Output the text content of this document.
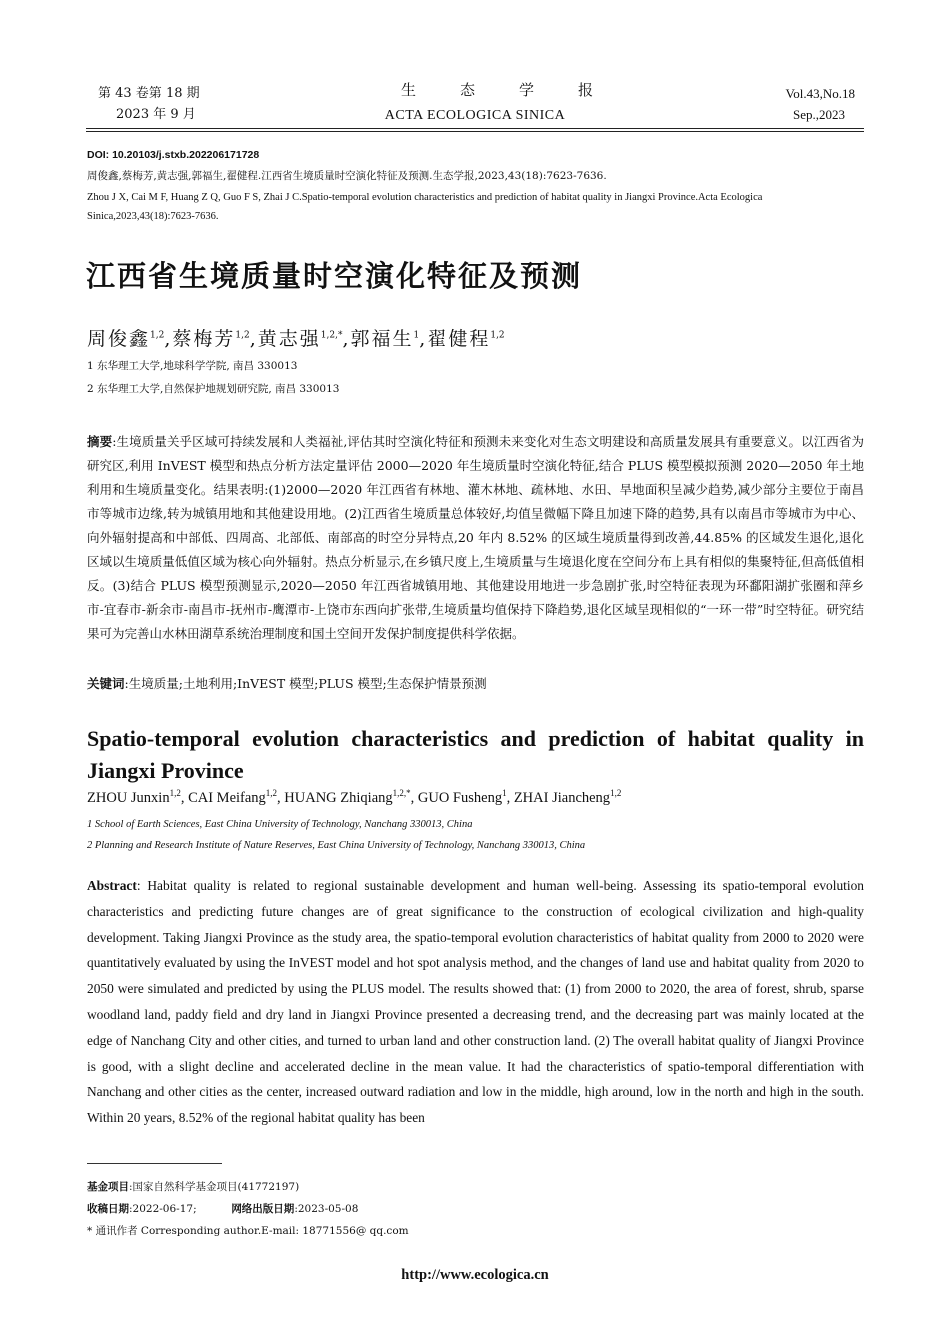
第 43 卷第 18 期
2023 年 9 月
生态学报
ACTA ECOLOGICA SINICA
Vol.43,No.18
Sep.,2023
DOI: 10.20103/j.stxb.202206171728
周俊鑫,蔡梅芳,黄志强,郭福生,翟健程.江西省生境质量时空演化特征及预测.生态学报,2023,43(18):7623-7636.
Zhou J X, Cai M F, Huang Z Q, Guo F S, Zhai J C.Spatio-temporal evolution characteristics and prediction of habitat quality in Jiangxi Province.Acta Ecologica Sinica,2023,43(18):7623-7636.
江西省生境质量时空演化特征及预测
周俊鑫$^{1,2}$,蔡梅芳$^{1,2}$,黄志强$^{1,2,*}$,郭福生$^1$,翟健程$^{1,2}$
1 东华理工大学,地球科学学院, 南昌 330013
2 东华理工大学,自然保护地规划研究院, 南昌 330013
摘要:生境质量关乎区域可持续发展和人类福祉,评估其时空演化特征和预测未来变化对生态文明建设和高质量发展具有重要意义。以江西省为研究区,利用 InVEST 模型和热点分析方法定量评估 2000—2020 年生境质量时空演化特征,结合 PLUS 模型模拟预测 2020—2050 年土地利用和生境质量变化。结果表明:(1)2000—2020 年江西省有林地、灌木林地、疏林地、水田、旱地面积呈减少趋势,减少部分主要位于南昌市等城市边缘,转为城镇用地和其他建设用地。(2)江西省生境质量总体较好,均值呈微幅下降且加速下降的趋势,具有以南昌市等城市为中心、向外辐射提高和中部低、四周高、北部低、南部高的时空分异特点,20 年内 8.52% 的区域生境质量得到改善,44.85% 的区域发生退化,退化区域以生境质量低值区域为核心向外辐射。热点分析显示,在乡镇尺度上,生境质量与生境退化度在空间分布上具有相似的集聚特征,但高低值相反。(3)结合 PLUS 模型预测显示,2020—2050 年江西省城镇用地、其他建设用地进一步急剧扩张,时空特征表现为环鄱阳湖扩张圈和萍乡市-宜春市-新余市-南昌市-抚州市-鹰潭市-上饶市东西向扩张带,生境质量均值保持下降趋势,退化区域呈现相似的“一环一带”时空特征。研究结果可为完善山水林田湖草系统治理制度和国土空间开发保护制度提供科学依据。
关键词:生境质量;土地利用;InVEST 模型;PLUS 模型;生态保护情景预测
Spatio-temporal evolution characteristics and prediction of habitat quality in Jiangxi Province
ZHOU Junxin$^{1,2}$, CAI Meifang$^{1,2}$, HUANG Zhiqiang$^{1,2,*}$, GUO Fusheng$^1$, ZHAI Jiancheng$^{1,2}$
1 School of Earth Sciences, East China University of Technology, Nanchang 330013, China
2 Planning and Research Institute of Nature Reserves, East China University of Technology, Nanchang 330013, China
Abstract: Habitat quality is related to regional sustainable development and human well-being. Assessing its spatio-temporal evolution characteristics and predicting future changes are of great significance to the construction of ecological civilization and high-quality development. Taking Jiangxi Province as the study area, the spatio-temporal evolution characteristics of habitat quality from 2000 to 2020 were quantitatively evaluated by using the InVEST model and hot spot analysis method, and the changes of land use and habitat quality from 2020 to 2050 were simulated and predicted by using the PLUS model. The results showed that: (1) from 2000 to 2020, the area of forest, shrub, sparse woodland land, paddy field and dry land in Jiangxi Province presented a decreasing trend, and the decreasing part was mainly located at the edge of Nanchang City and other cities, and turned to urban land and other construction land. (2) The overall habitat quality of Jiangxi Province is good, with a slight decline and accelerated decline in the mean value. It had the characteristics of spatio-temporal differentiation with Nanchang and other cities as the center, increased outward radiation and low in the middle, high around, low in the north and high in the south. Within 20 years, 8.52% of the regional habitat quality has been
基金项目:国家自然科学基金项目(41772197)
收稿日期:2022-06-17;	网络出版日期:2023-05-08
* 通讯作者 Corresponding author.E-mail: 18771556@ qq.com
http://www.ecologica.cn
